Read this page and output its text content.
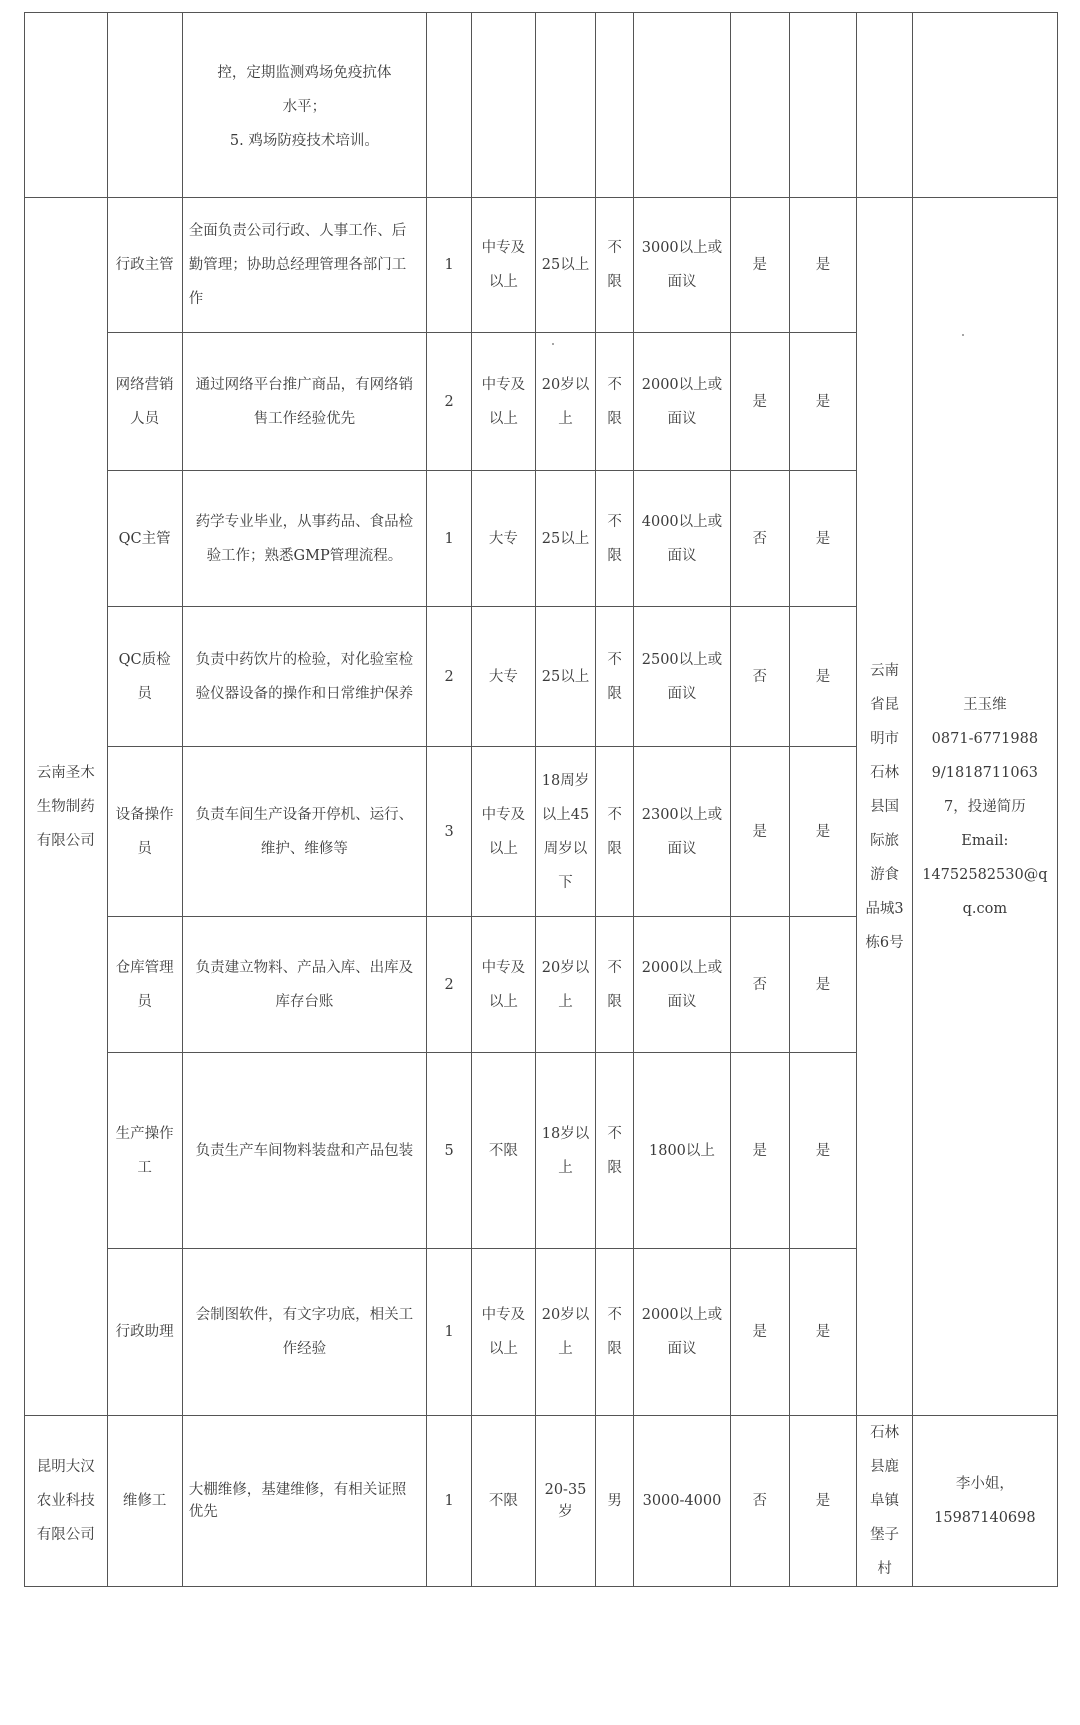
		控，定期监测鸡场免疫抗体
水平；
5. 鸡场防疫技术培训。									

云南圣木生物制药有限公司	行政主管	全面负责公司行政、人事工作、后勤管理；协助总经理管理各部门工作	1	中专及以上	25以上	不限	3000以上或面议	是	是	云南省昆明市石林县国际旅游食品城3栋6号	
王玉维
0871-6771988
9/1818711063
7，投递简历
Email:
14752582530@q
q.com

	网络营销人员	通过网络平台推广商品，有网络销售工作经验优先	2	中专及以上	20岁以上	不限	2000以上或面议	是	是		
	QC主管	药学专业毕业，从事药品、食品检验工作；熟悉GMP管理流程。	1	大专	25以上	不限	4000以上或面议	否	是		
	QC质检员	负责中药饮片的检验，对化验室检验仪器设备的操作和日常维护保养	2	大专	25以上	不限	2500以上或面议	否	是		
	设备操作员	负责车间生产设备开停机、运行、维护、维修等	3	中专及以上	18周岁以上45周岁以下	不限	2300以上或面议	是	是		
	仓库管理员	负责建立物料、产品入库、出库及库存台账	2	中专及以上	20岁以上	不限	2000以上或面议	否	是		
	生产操作工	负责生产车间物料装盘和产品包装	5	不限	18岁以上	不限	1800以上	是	是		
	行政助理	会制图软件，有文字功底，相关工作经验	1	中专及以上	20岁以上	不限	2000以上或面议	是	是		
昆明大汉农业科技有限公司	维修工	大棚维修，基建维修，有相关证照优先	1	不限	20-35岁	男	3000-4000	否	是	石林县鹿阜镇堡子村	李小姐，
15987140698
